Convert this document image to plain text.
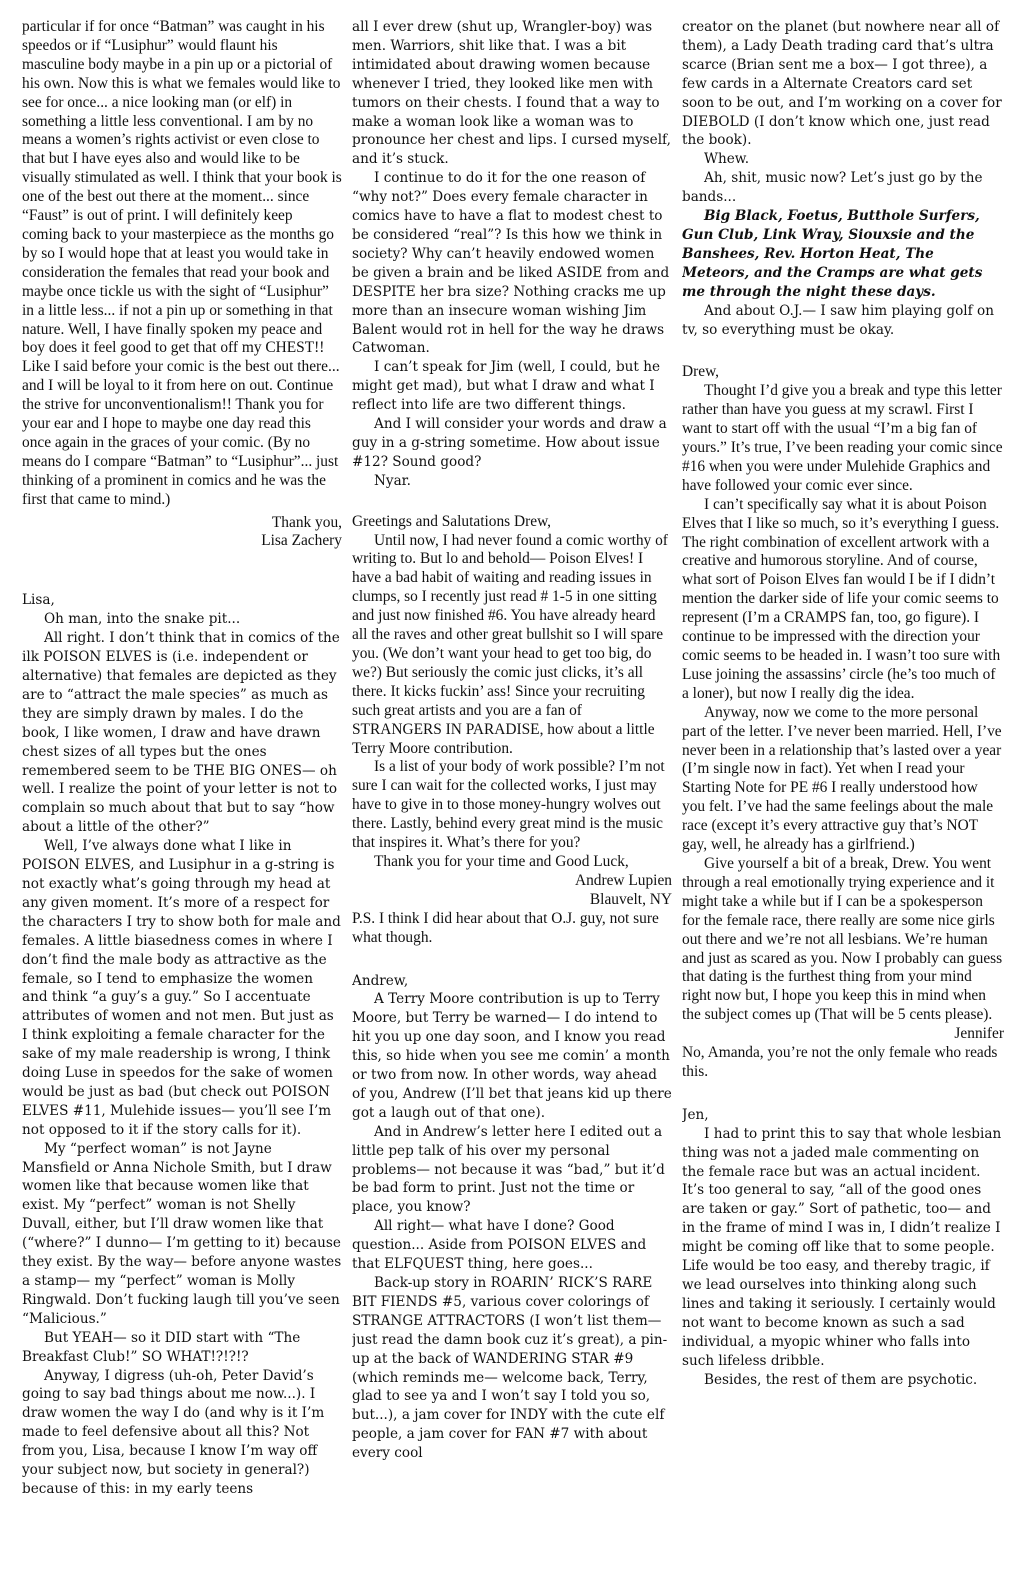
particular if for once “Batman” was caught in his speedos or if “Lusiphur” would flaunt his masculine body maybe in a pin up or a pictorial of his own. Now this is what we females would like to see for once... a nice looking man (or elf) in something a little less conventional. I am by no means a women’s rights activist or even close to that but I have eyes also and would like to be visually stimulated as well. I think that your book is one of the best out there at the moment... since “Faust” is out of print. I will definitely keep coming back to your masterpiece as the months go by so I would hope that at least you would take in consideration the females that read your book and maybe once tickle us with the sight of “Lusiphur” in a little less... if not a pin up or something in that nature. Well, I have finally spoken my peace and boy does it feel good to get that off my CHEST!! Like I said before your comic is the best out there... and I will be loyal to it from here on out. Continue the strive for unconventionalism!! Thank you for your ear and I hope to maybe one day read this once again in the graces of your comic. (By no means do I compare “Batman” to “Lusiphur”... just thinking of a prominent in comics and he was the first that came to mind.)

Thank you,

Lisa Zachery

Lisa,

Oh man, into the snake pit...

All right. I don’t think that in comics of the ilk POISON ELVES is (i.e. independent or alternative) that females are depicted as they are to “attract the male species” as much as they are simply drawn by males. I do the book, I like women, I draw and have drawn chest sizes of all types but the ones remembered seem to be THE BIG ONES— oh well. I realize the point of your letter is not to complain so much about that but to say “how about a little of the other?”

Well, I’ve always done what I like in POISON ELVES, and Lusiphur in a g-string is not exactly what’s going through my head at any given moment. It’s more of a respect for the characters I try to show both for male and females. A little biasedness comes in where I don’t find the male body as attractive as the female, so I tend to emphasize the women and think “a guy’s a guy.” So I accentuate attributes of women and not men. But just as I think exploiting a female character for the sake of my male readership is wrong, I think doing Luse in speedos for the sake of women would be just as bad (but check out POISON ELVES #11, Mulehide issues— you’ll see I’m not opposed to it if the story calls for it).

My “perfect woman” is not Jayne Mansfield or Anna Nichole Smith, but I draw women like that because women like that exist. My “perfect” woman is not Shelly Duvall, either, but I’ll draw women like that (“where?” I dunno— I’m getting to it) because they exist. By the way— before anyone wastes a stamp— my “perfect” woman is Molly Ringwald. Don’t fucking laugh till you’ve seen “Malicious.”

But YEAH— so it DID start with “The Breakfast Club!” SO WHAT!?!?!?

Anyway, I digress (uh-oh, Peter David’s going to say bad things about me now...). I draw women the way I do (and why is it I’m made to feel defensive about all this? Not from you, Lisa, because I know I’m way off your subject now, but society in general?) because of this: in my early teens

all I ever drew (shut up, Wrangler-boy) was men. Warriors, shit like that. I was a bit intimidated about drawing women because whenever I tried, they looked like men with tumors on their chests. I found that a way to make a woman look like a woman was to pronounce her chest and lips. I cursed myself, and it’s stuck.

I continue to do it for the one reason of “why not?” Does every female character in comics have to have a flat to modest chest to be considered “real”? Is this how we think in society? Why can’t heavily endowed women be given a brain and be liked ASIDE from and DESPITE her bra size? Nothing cracks me up more than an insecure woman wishing Jim Balent would rot in hell for the way he draws Catwoman.

I can’t speak for Jim (well, I could, but he might get mad), but what I draw and what I reflect into life are two different things.

And I will consider your words and draw a guy in a g-string sometime. How about issue #12? Sound good?

Nyar.

Greetings and Salutations Drew,

Until now, I had never found a comic worthy of writing to. But lo and behold— Poison Elves! I have a bad habit of waiting and reading issues in clumps, so I recently just read # 1-5 in one sitting and just now finished #6. You have already heard all the raves and other great bullshit so I will spare you. (We don’t want your head to get too big, do we?) But seriously the comic just clicks, it’s all there. It kicks fuckin’ ass! Since your recruiting such great artists and you are a fan of STRANGERS IN PARADISE, how about a little Terry Moore contribution.

Is a list of your body of work possible? I’m not sure I can wait for the collected works, I just may have to give in to those money-hungry wolves out there. Lastly, behind every great mind is the music that inspires it. What’s there for you?

Thank you for your time and Good Luck,

Andrew Lupien

Blauvelt, NY

P.S. I think I did hear about that O.J. guy, not sure what though.

Andrew,

A Terry Moore contribution is up to Terry Moore, but Terry be warned— I do intend to hit you up one day soon, and I know you read this, so hide when you see me comin’ a month or two from now. In other words, way ahead of you, Andrew (I’ll bet that jeans kid up there got a laugh out of that one).

And in Andrew’s letter here I edited out a little pep talk of his over my personal problems— not because it was “bad,” but it’d be bad form to print. Just not the time or place, you know?

All right— what have I done? Good question... Aside from POISON ELVES and that ELFQUEST thing, here goes...

Back-up story in ROARIN’ RICK’S RARE BIT FIENDS #5, various cover colorings of STRANGE ATTRACTORS (I won’t list them— just read the damn book cuz it’s great), a pin-up at the back of WANDERING STAR #9 (which reminds me— welcome back, Terry, glad to see ya and I won’t say I told you so, but...), a jam cover for INDY with the cute elf people, a jam cover for FAN #7 with about every cool

creator on the planet (but nowhere near all of them), a Lady Death trading card that’s ultra scarce (Brian sent me a box— I got three), a few cards in a Alternate Creators card set soon to be out, and I’m working on a cover for DIEBOLD (I don’t know which one, just read the book).

Whew.

Ah, shit, music now? Let’s just go by the bands...

Big Black, Foetus, Butthole Surfers, Gun Club, Link Wray, Siouxsie and the Banshees, Rev. Horton Heat, The Meteors, and the Cramps are what gets me through the night these days.

And about O.J.— I saw him playing golf on tv, so everything must be okay.

Drew,

Thought I’d give you a break and type this letter rather than have you guess at my scrawl. First I want to start off with the usual “I’m a big fan of yours.” It’s true, I’ve been reading your comic since #16 when you were under Mulehide Graphics and have followed your comic ever since.

I can’t specifically say what it is about Poison Elves that I like so much, so it’s everything I guess. The right combination of excellent artwork with a creative and humorous storyline. And of course, what sort of Poison Elves fan would I be if I didn’t mention the darker side of life your comic seems to represent (I’m a CRAMPS fan, too, go figure). I continue to be impressed with the direction your comic seems to be headed in. I wasn’t too sure with Luse joining the assassins’ circle (he’s too much of a loner), but now I really dig the idea.

Anyway, now we come to the more personal part of the letter. I’ve never been married. Hell, I’ve never been in a relationship that’s lasted over a year (I’m single now in fact). Yet when I read your Starting Note for PE #6 I really understood how you felt. I’ve had the same feelings about the male race (except it’s every attractive guy that’s NOT gay, well, he already has a girlfriend.)

Give yourself a bit of a break, Drew. You went through a real emotionally trying experience and it might take a while but if I can be a spokesperson for the female race, there really are some nice girls out there and we’re not all lesbians. We’re human and just as scared as you. Now I probably can guess that dating is the furthest thing from your mind right now but, I hope you keep this in mind when the subject comes up (That will be 5 cents please).

Jennifer

No, Amanda, you’re not the only female who reads this.

Jen,

I had to print this to say that whole lesbian thing was not a jaded male commenting on the female race but was an actual incident. It’s too general to say, “all of the good ones are taken or gay.” Sort of pathetic, too— and in the frame of mind I was in, I didn’t realize I might be coming off like that to some people. Life would be too easy, and thereby tragic, if we lead ourselves into thinking along such lines and taking it seriously. I certainly would not want to become known as such a sad individual, a myopic whiner who falls into such lifeless dribble.

Besides, the rest of them are psychotic.
